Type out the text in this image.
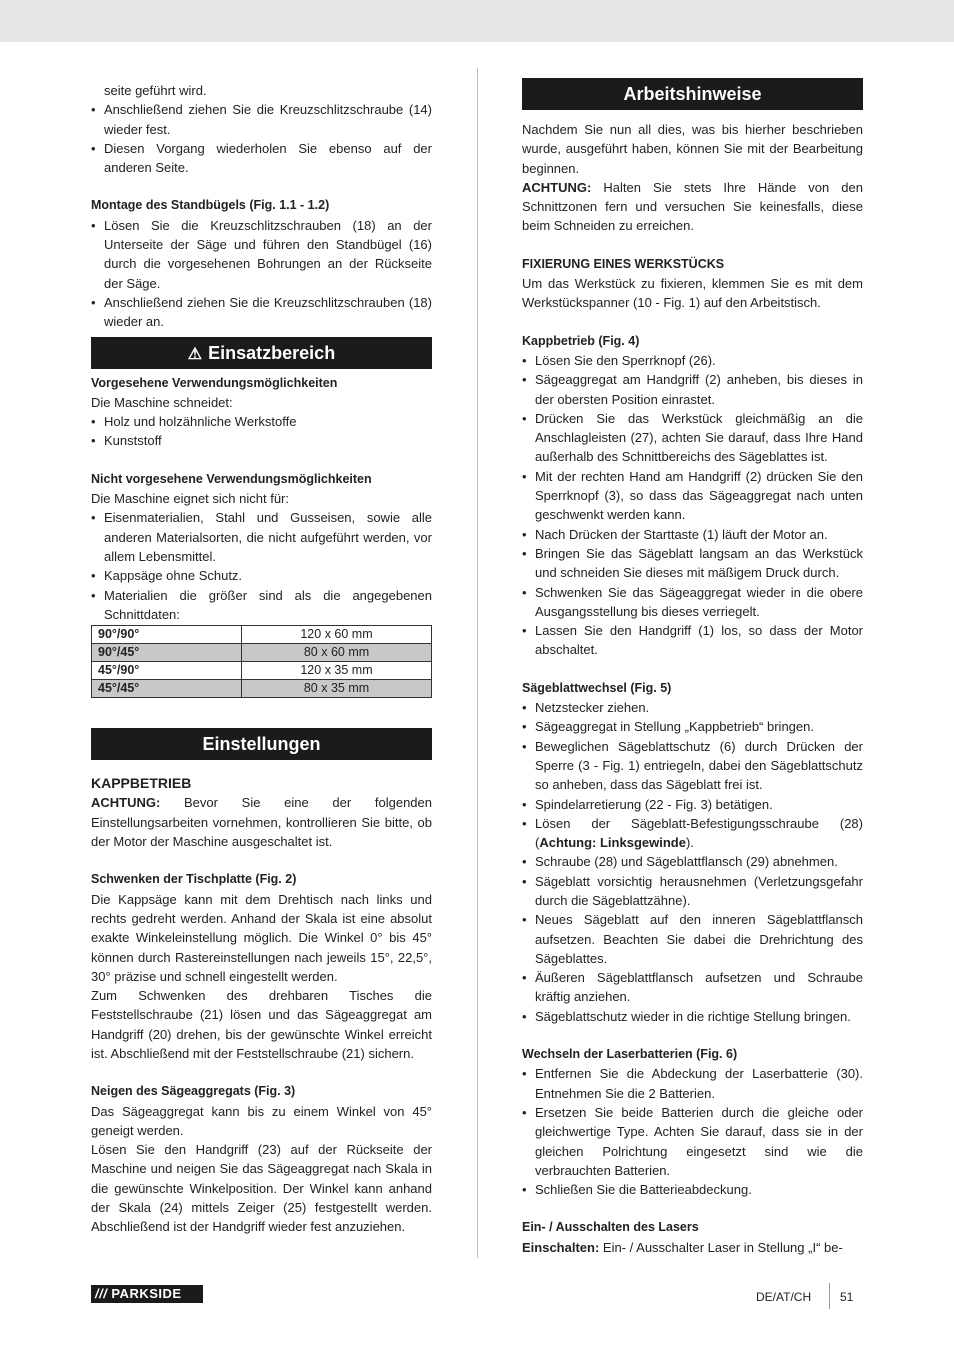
seite geführt wird.

• Anschließend ziehen Sie die Kreuzschlitzschraube (14) wieder fest.
• Diesen Vorgang wiederholen Sie ebenso auf der anderen Seite.

Montage des Standbügels (Fig. 1.1 - 1.2)

• Lösen Sie die Kreuzschlitzschrauben (18) an der Unterseite der Säge und führen den Standbügel (16) durch die vorgesehenen Bohrungen an der Rückseite der Säge.
• Anschließend ziehen Sie die Kreuzschlitzschrauben (18) wieder an.
⚠ Einsatzbereich

Vorgesehene Verwendungsmöglichkeiten

Die Maschine schneidet:

• Holz und holzähnliche Werkstoffe
• Kunststoff

Nicht vorgesehene Verwendungsmöglichkeiten

Die Maschine eignet sich nicht für:

• Eisenmaterialien, Stahl und Gusseisen, sowie alle anderen Materialsorten, die nicht aufgeführt werden, vor allem Lebensmittel.
• Kappsäge ohne Schutz.
• Materialien die größer sind als die angegebenen Schnittdaten:
90°/90°	120 x 60 mm
90°/45°	80 x 60 mm
45°/90°	120 x 35 mm
45°/45°	80 x 35 mm
Einstellungen

KAPPBETRIEB

ACHTUNG: Bevor Sie eine der folgenden Einstellungsarbeiten vornehmen, kontrollieren Sie bitte, ob der Motor der Maschine ausgeschaltet ist.

Schwenken der Tischplatte (Fig. 2)

Die Kappsäge kann mit dem Drehtisch nach links und rechts gedreht werden. Anhand der Skala ist eine absolut exakte Winkeleinstellung möglich. Die Winkel 0° bis 45° können durch Rastereinstellungen nach jeweils 15°, 22,5°, 30° präzise und schnell eingestellt werden.

Zum Schwenken des drehbaren Tisches die Feststellschraube (21) lösen und das Sägeaggregat am Handgriff (20) drehen, bis der gewünschte Winkel erreicht ist. Abschließend mit der Feststellschraube (21) sichern.

Neigen des Sägeaggregats (Fig. 3)

Das Sägeaggregat kann bis zu einem Winkel von 45° geneigt werden.

Lösen Sie den Handgriff (23) auf der Rückseite der Maschine und neigen Sie das Sägeaggregat nach Skala in die gewünschte Winkelposition. Der Winkel kann anhand der Skala (24) mittels Zeiger (25) festgestellt werden. Abschließend ist der Handgriff wieder fest anzuziehen.

Arbeitshinweise

Nachdem Sie nun all dies, was bis hierher beschrieben wurde, ausgeführt haben, können Sie mit der Bearbeitung beginnen.

ACHTUNG: Halten Sie stets Ihre Hände von den Schnittzonen fern und versuchen Sie keinesfalls, diese beim Schneiden zu erreichen.

FIXIERUNG EINES WERKSTÜCKS

Um das Werkstück zu fixieren, klemmen Sie es mit dem Werkstückspanner (10 - Fig. 1) auf den Arbeitstisch.

Kappbetrieb (Fig. 4)

• Lösen Sie den Sperrknopf (26).
• Sägeaggregat am Handgriff (2) anheben, bis dieses in der obersten Position einrastet.
• Drücken Sie das Werkstück gleichmäßig an die Anschlagleisten (27), achten Sie darauf, dass Ihre Hand außerhalb des Schnittbereichs des Sägeblattes ist.
• Mit der rechten Hand am Handgriff (2) drücken Sie den Sperrknopf (3), so dass das Sägeaggregat nach unten geschwenkt werden kann.
• Nach Drücken der Starttaste (1) läuft der Motor an.
• Bringen Sie das Sägeblatt langsam an das Werkstück und schneiden Sie dieses mit mäßigem Druck durch.
• Schwenken Sie das Sägeaggregat wieder in die obere Ausgangsstellung bis dieses verriegelt.
• Lassen Sie den Handgriff (1) los, so dass der Motor abschaltet.

Sägeblattwechsel (Fig. 5)

• Netzstecker ziehen.
• Sägeaggregat in Stellung „Kappbetrieb“ bringen.
• Beweglichen Sägeblattschutz (6) durch Drücken der Sperre (3 - Fig. 1) entriegeln, dabei den Sägeblattschutz so anheben, dass das Sägeblatt frei ist.
• Spindelarretierung (22 - Fig. 3) betätigen.
• Lösen der Sägeblatt-Befestigungsschraube (28) (Achtung: Linksgewinde).
• Schraube (28) und Sägeblattflansch (29) abnehmen.
• Sägeblatt vorsichtig herausnehmen (Verletzungsgefahr durch die Sägeblattzähne).
• Neues Sägeblatt auf den inneren Sägeblattflansch aufsetzen. Beachten Sie dabei die Drehrichtung des Sägeblattes.
• Äußeren Sägeblattflansch aufsetzen und Schraube kräftig anziehen.
• Sägeblattschutz wieder in die richtige Stellung bringen.

Wechseln der Laserbatterien (Fig. 6)

• Entfernen Sie die Abdeckung der Laserbatterie (30). Entnehmen Sie die 2 Batterien.
• Ersetzen Sie beide Batterien durch die gleiche oder gleichwertige Type. Achten Sie darauf, dass sie in der gleichen Polrichtung eingesetzt sind wie die verbrauchten Batterien.
• Schließen Sie die Batterieabdeckung.

Ein- / Ausschalten des Lasers

Einschalten: Ein- / Ausschalter Laser in Stellung „I“ be-

/// PARKSIDE	DE/AT/CH 51
